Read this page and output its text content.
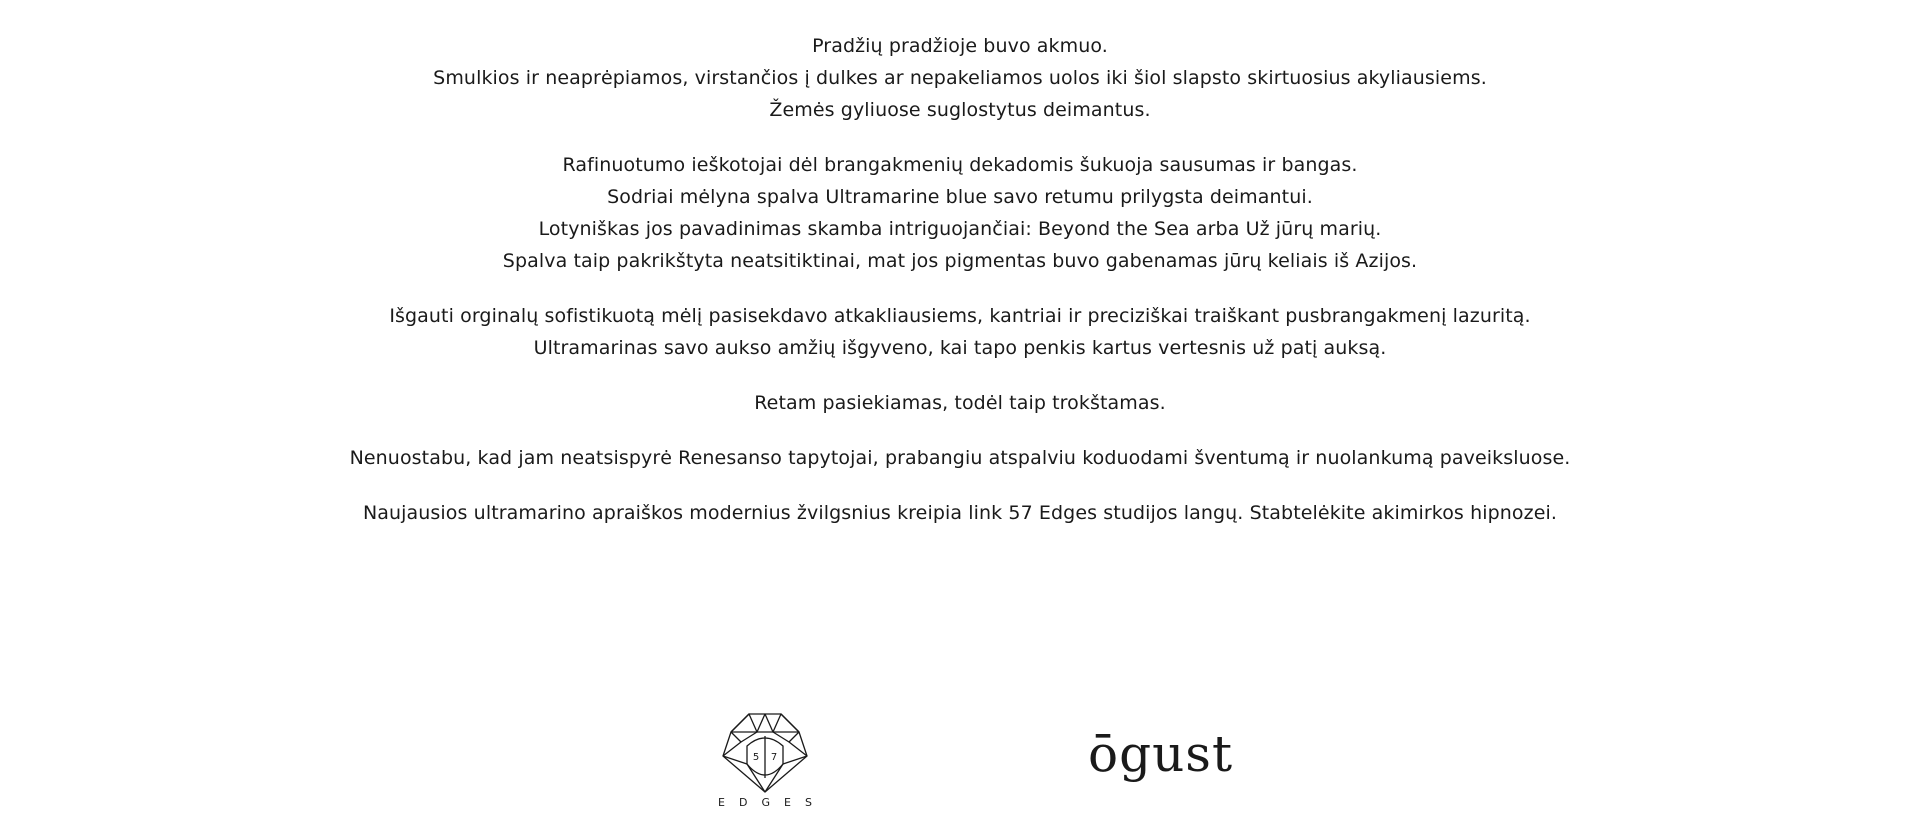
Pradžių pradžioje buvo akmuo.
Smulkios ir neaprėpiamos, virstančios į dulkes ar nepakeliamos uolos iki šiol slapsto skirtuosius akyliausiems.
Žemės gyliuose suglostytus deimantus.

Rafinuotumo ieškotojai dėl brangakmenių dekadomis šukuoja sausumas ir bangas.
Sodriai mėlyna spalva Ultramarine blue savo retumu prilygsta deimantui.
Lotyniškas jos pavadinimas skamba intriguojančiai: Beyond the Sea arba Už jūrų marių.
Spalva taip pakrikštyta neatsitiktinai, mat jos pigmentas buvo gabenamas jūrų keliais iš Azijos.

Išgauti orginalų sofistikuotą mėlį pasisekdavo atkakliausiems, kantriai ir preciziškai traiškant pusbrangakmenį lazuritą.
Ultramarinas savo aukso amžių išgyveno, kai tapo penkis kartus vertesnis už patį auksą.

Retam pasiekiamas, todėl taip trokštamas.

Nenuostabu, kad jam neatsispyrė Renesanso tapytojai, prabangiu atspalviu koduodami šventumą ir nuolankumą paveiksluose.

Naujausios ultramarino apraiškos modernius žvilgsnius kreipia link 57 Edges studijos langų. Stabtelėkite akimirkos hipnozei.

5 7
EDGES
ōgust
